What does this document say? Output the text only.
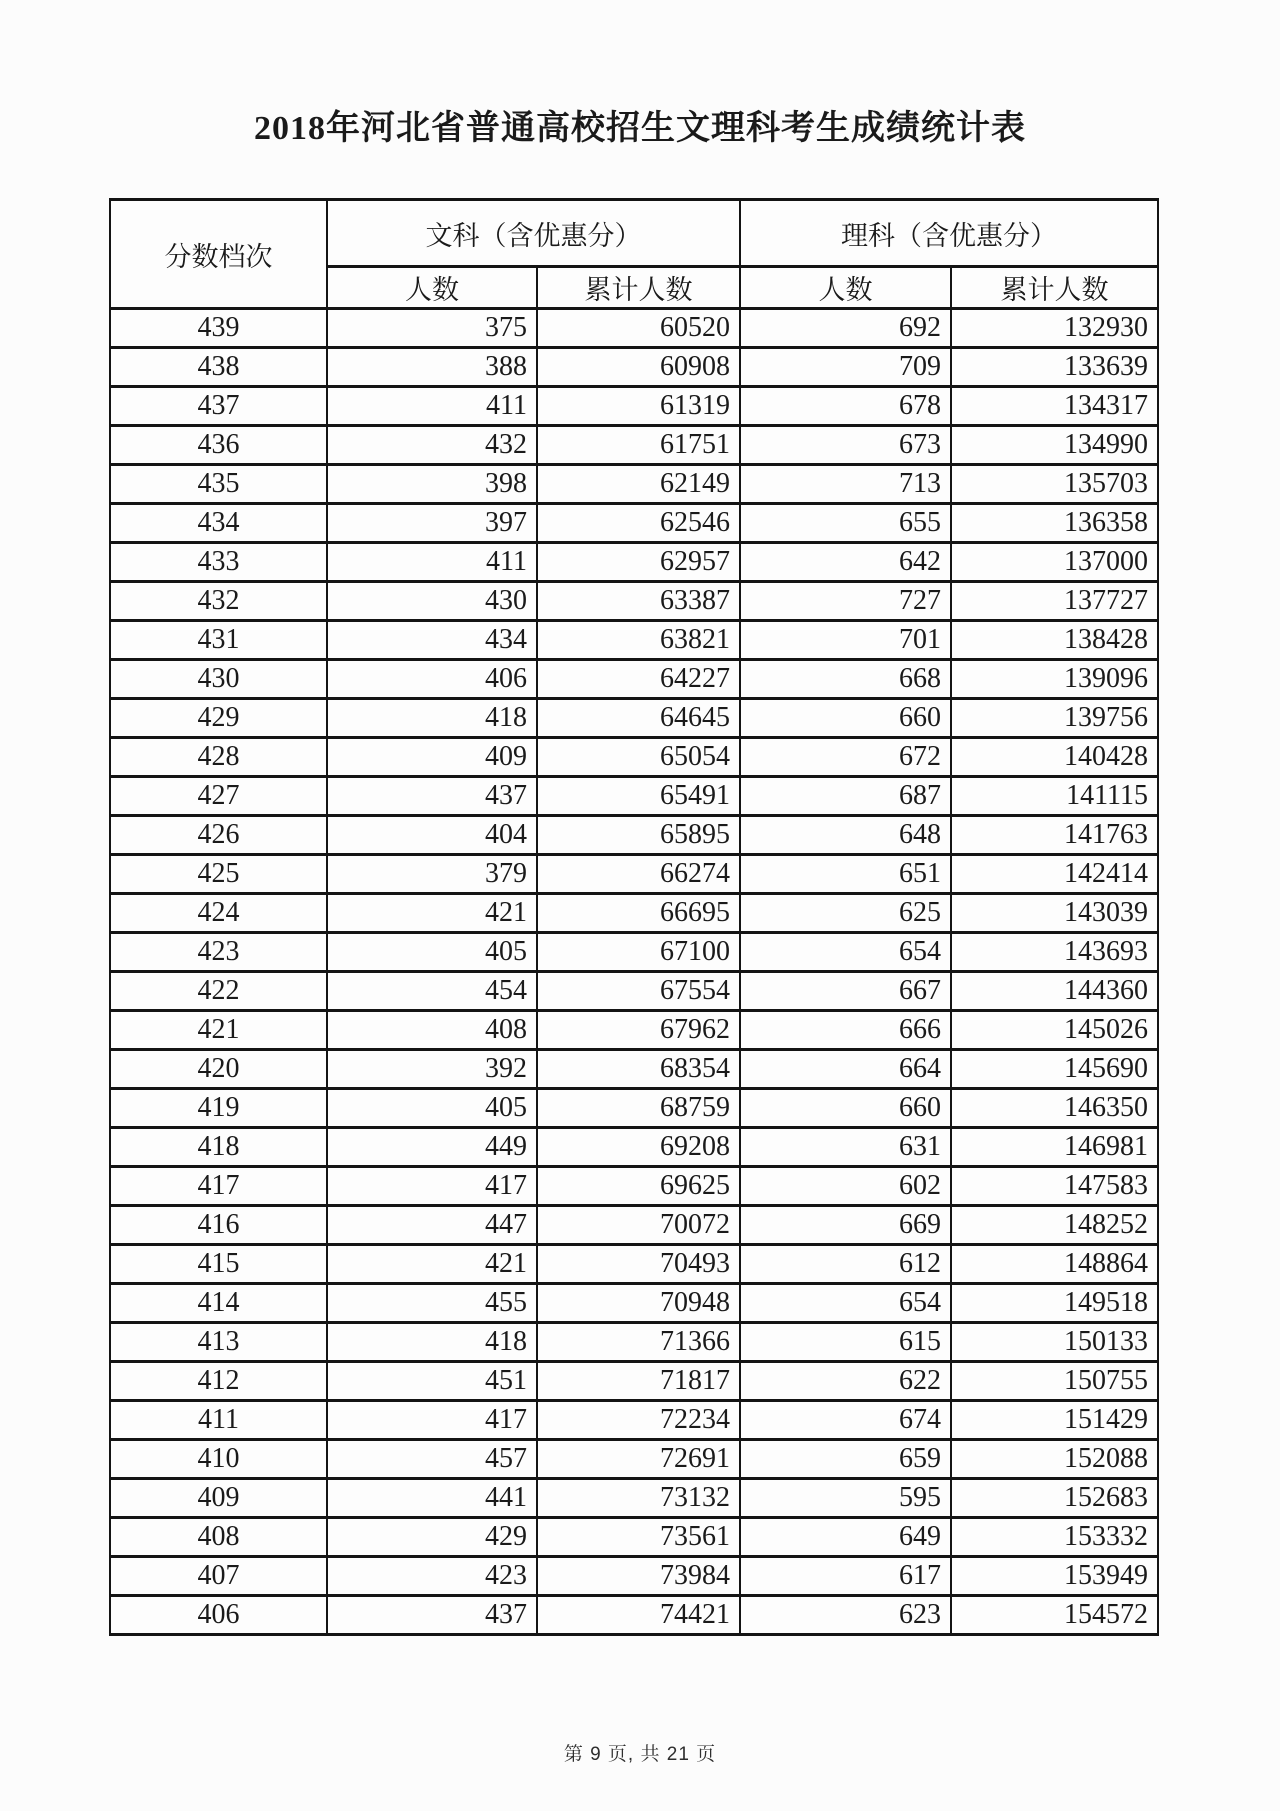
2018年河北省普通高校招生文理科考生成绩统计表
分数档次	文科（含优惠分）		理科（含优惠分）	
	人数	累计人数	人数	累计人数
439	375	60520	692	132930
438	388	60908	709	133639
437	411	61319	678	134317
436	432	61751	673	134990
435	398	62149	713	135703
434	397	62546	655	136358
433	411	62957	642	137000
432	430	63387	727	137727
431	434	63821	701	138428
430	406	64227	668	139096
429	418	64645	660	139756
428	409	65054	672	140428
427	437	65491	687	141115
426	404	65895	648	141763
425	379	66274	651	142414
424	421	66695	625	143039
423	405	67100	654	143693
422	454	67554	667	144360
421	408	67962	666	145026
420	392	68354	664	145690
419	405	68759	660	146350
418	449	69208	631	146981
417	417	69625	602	147583
416	447	70072	669	148252
415	421	70493	612	148864
414	455	70948	654	149518
413	418	71366	615	150133
412	451	71817	622	150755
411	417	72234	674	151429
410	457	72691	659	152088
409	441	73132	595	152683
408	429	73561	649	153332
407	423	73984	617	153949
406	437	74421	623	154572
第 9 页, 共 21 页
